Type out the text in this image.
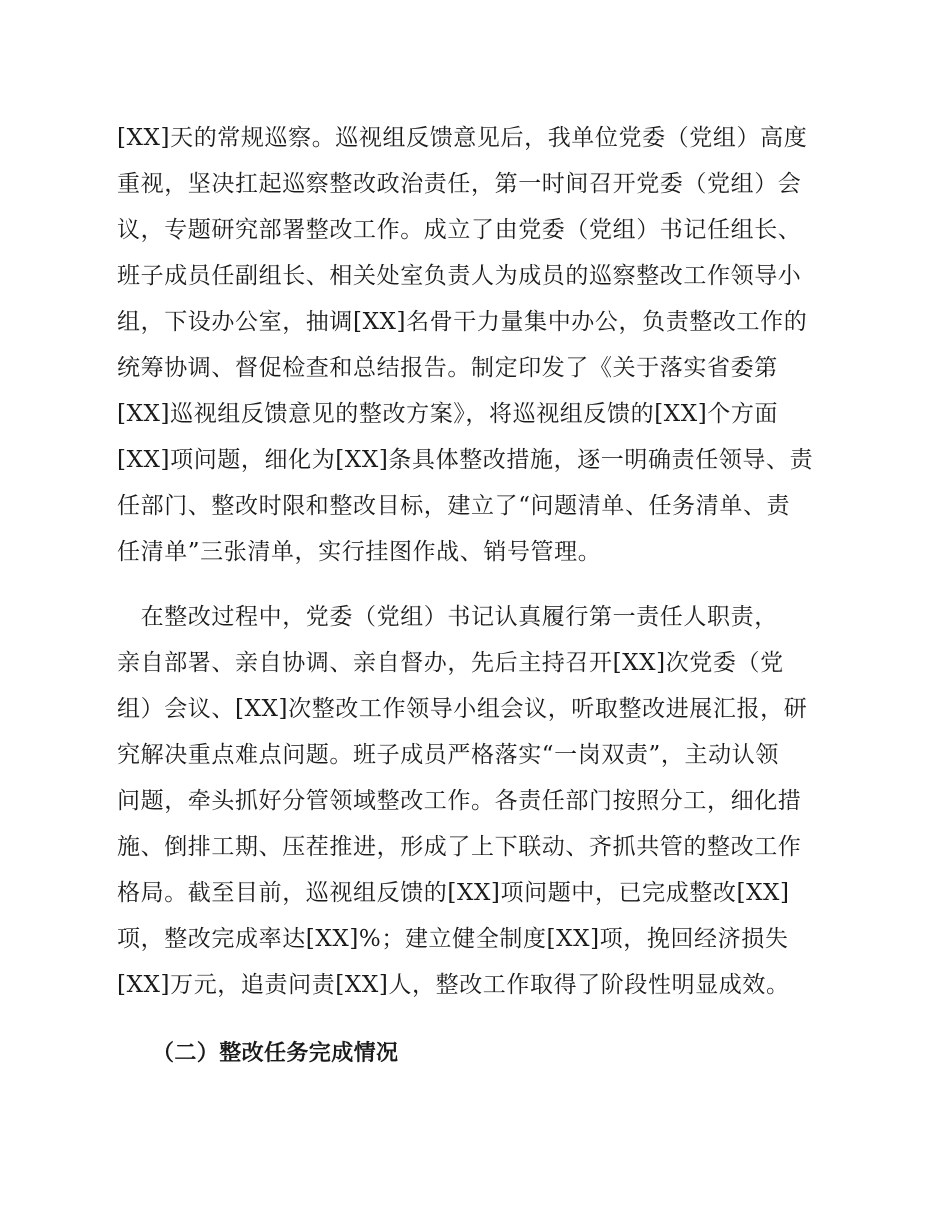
[XX]天的常规巡察。巡视组反馈意见后，我单位党委（党组）高度
重视，坚决扛起巡察整改政治责任，第一时间召开党委（党组）会
议，专题研究部署整改工作。成立了由党委（党组）书记任组长、
班子成员任副组长、相关处室负责人为成员的巡察整改工作领导小
组，下设办公室，抽调[XX]名骨干力量集中办公，负责整改工作的
统筹协调、督促检查和总结报告。制定印发了《关于落实省委第
[XX]巡视组反馈意见的整改方案》，将巡视组反馈的[XX]个方面
[XX]项问题，细化为[XX]条具体整改措施，逐一明确责任领导、责
任部门、整改时限和整改目标，建立了“问题清单、任务清单、责
任清单”三张清单，实行挂图作战、销号管理。
　在整改过程中，党委（党组）书记认真履行第一责任人职责，
亲自部署、亲自协调、亲自督办，先后主持召开[XX]次党委（党
组）会议、[XX]次整改工作领导小组会议，听取整改进展汇报，研
究解决重点难点问题。班子成员严格落实“一岗双责”，主动认领
问题，牵头抓好分管领域整改工作。各责任部门按照分工，细化措
施、倒排工期、压茬推进，形成了上下联动、齐抓共管的整改工作
格局。截至目前，巡视组反馈的[XX]项问题中，已完成整改[XX]
项，整改完成率达[XX]%；建立健全制度[XX]项，挽回经济损失
[XX]万元，追责问责[XX]人，整改工作取得了阶段性明显成效。
（二）整改任务完成情况
